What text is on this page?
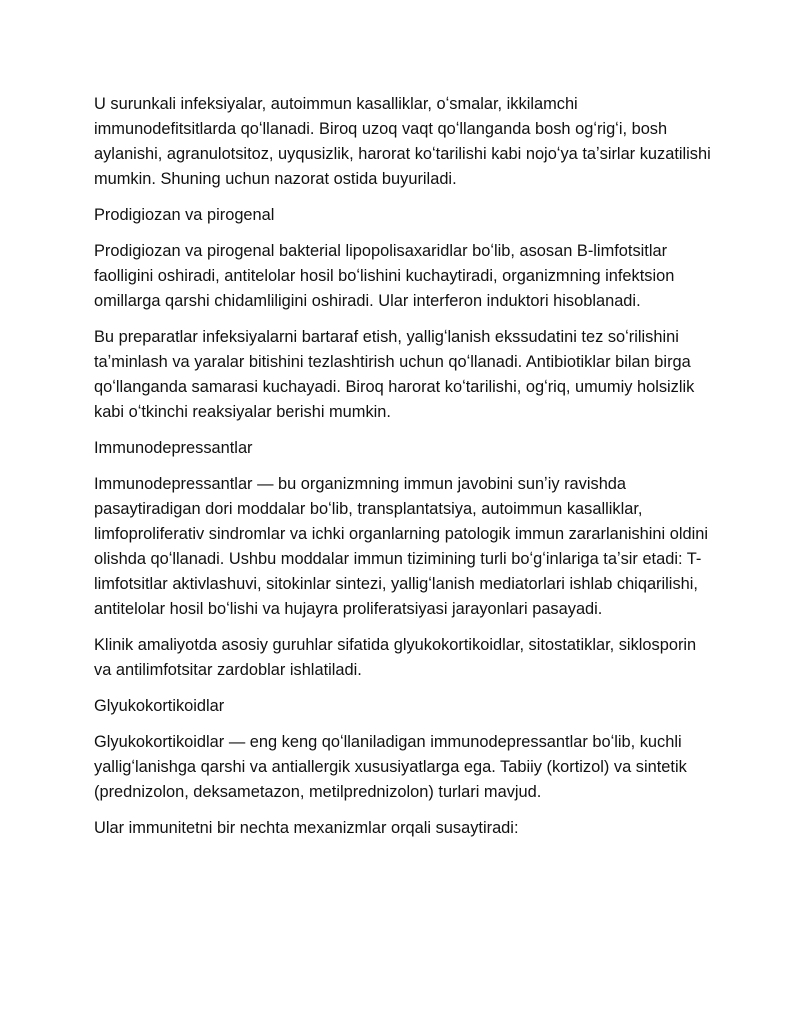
U surunkali infeksiyalar, autoimmun kasalliklar, oʻsmalar, ikkilamchi immunodefitsitlarda qoʻllanadi. Biroq uzoq vaqt qoʻllanganda bosh ogʻrigʻi, bosh aylanishi, agranulotsitoz, uyqusizlik, harorat koʻtarilishi kabi nojoʻya taʼsirlar kuzatilishi mumkin. Shuning uchun nazorat ostida buyuriladi.

Prodigiozan va pirogenal

Prodigiozan va pirogenal bakterial lipopolisaxaridlar boʻlib, asosan B-limfotsitlar faolligini oshiradi, antitelolar hosil boʻlishini kuchaytiradi, organizmning infektsion omillarga qarshi chidamliligini oshiradi. Ular interferon induktori hisoblanadi.

Bu preparatlar infeksiyalarni bartaraf etish, yalligʻlanish ekssudatini tez soʻrilishini taʼminlash va yaralar bitishini tezlashtirish uchun qoʻllanadi. Antibiotiklar bilan birga qoʻllanganda samarasi kuchayadi. Biroq harorat koʻtarilishi, ogʻriq, umumiy holsizlik kabi oʻtkinchi reaksiyalar berishi mumkin.

Immunodepressantlar

Immunodepressantlar — bu organizmning immun javobini sunʼiy ravishda pasaytiradigan dori moddalar boʻlib, transplantatsiya, autoimmun kasalliklar, limfoproliferativ sindromlar va ichki organlarning patologik immun zararlanishini oldini olishda qoʻllanadi. Ushbu moddalar immun tizimining turli boʻgʻinlariga taʼsir etadi: T-limfotsitlar aktivlashuvi, sitokinlar sintezi, yalligʻlanish mediatorlari ishlab chiqarilishi, antitelolar hosil boʻlishi va hujayra proliferatsiyasi jarayonlari pasayadi.

Klinik amaliyotda asosiy guruhlar sifatida glyukokortikoidlar, sitostatiklar, siklosporin va antilimfotsitar zardoblar ishlatiladi.

Glyukokortikoidlar

Glyukokortikoidlar — eng keng qoʻllaniladigan immunodepressantlar boʻlib, kuchli yalligʻlanishga qarshi va antiallergik xususiyatlarga ega. Tabiiy (kortizol) va sintetik (prednizolon, deksametazon, metilprednizolon) turlari mavjud.

Ular immunitetni bir nechta mexanizmlar orqali susaytiradi:
